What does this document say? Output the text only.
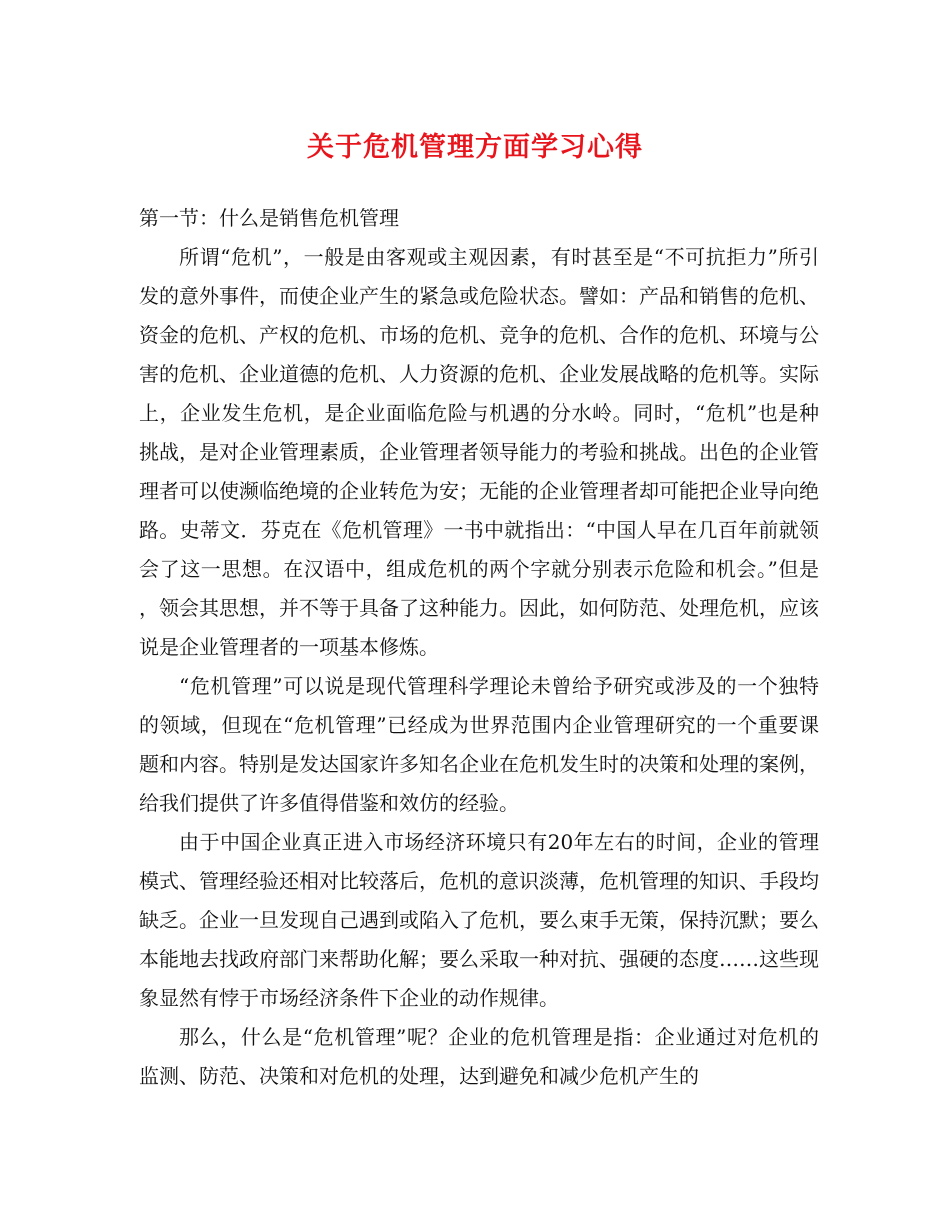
关于危机管理方面学习心得

第一节：什么是销售危机管理

所谓“危机”，一般是由客观或主观因素，有时甚至是“不可抗拒力”所引发的意外事件，而使企业产生的紧急或危险状态。譬如：产品和销售的危机、资金的危机、产权的危机、市场的危机、竞争的危机、合作的危机、环境与公害的危机、企业道德的危机、人力资源的危机、企业发展战略的危机等。实际上，企业发生危机，是企业面临危险与机遇的分水岭。同时，“危机”也是种挑战，是对企业管理素质，企业管理者领导能力的考验和挑战。出色的企业管理者可以使濒临绝境的企业转危为安；无能的企业管理者却可能把企业导向绝路。史蒂文．芬克在《危机管理》一书中就指出：“中国人早在几百年前就领会了这一思想。在汉语中，组成危机的两个字就分别表示危险和机会。”但是，领会其思想，并不等于具备了这种能力。因此，如何防范、处理危机，应该说是企业管理者的一项基本修炼。

“危机管理”可以说是现代管理科学理论未曾给予研究或涉及的一个独特的领域，但现在“危机管理”已经成为世界范围内企业管理研究的一个重要课题和内容。特别是发达国家许多知名企业在危机发生时的决策和处理的案例，给我们提供了许多值得借鉴和效仿的经验。

由于中国企业真正进入市场经济环境只有20年左右的时间，企业的管理模式、管理经验还相对比较落后，危机的意识淡薄，危机管理的知识、手段均缺乏。企业一旦发现自己遇到或陷入了危机，要么束手无策，保持沉默；要么本能地去找政府部门来帮助化解；要么采取一种对抗、强硬的态度……这些现象显然有悖于市场经济条件下企业的动作规律。

那么，什么是“危机管理”呢？企业的危机管理是指：企业通过对危机的监测、防范、决策和对危机的处理，达到避免和减少危机产生的
